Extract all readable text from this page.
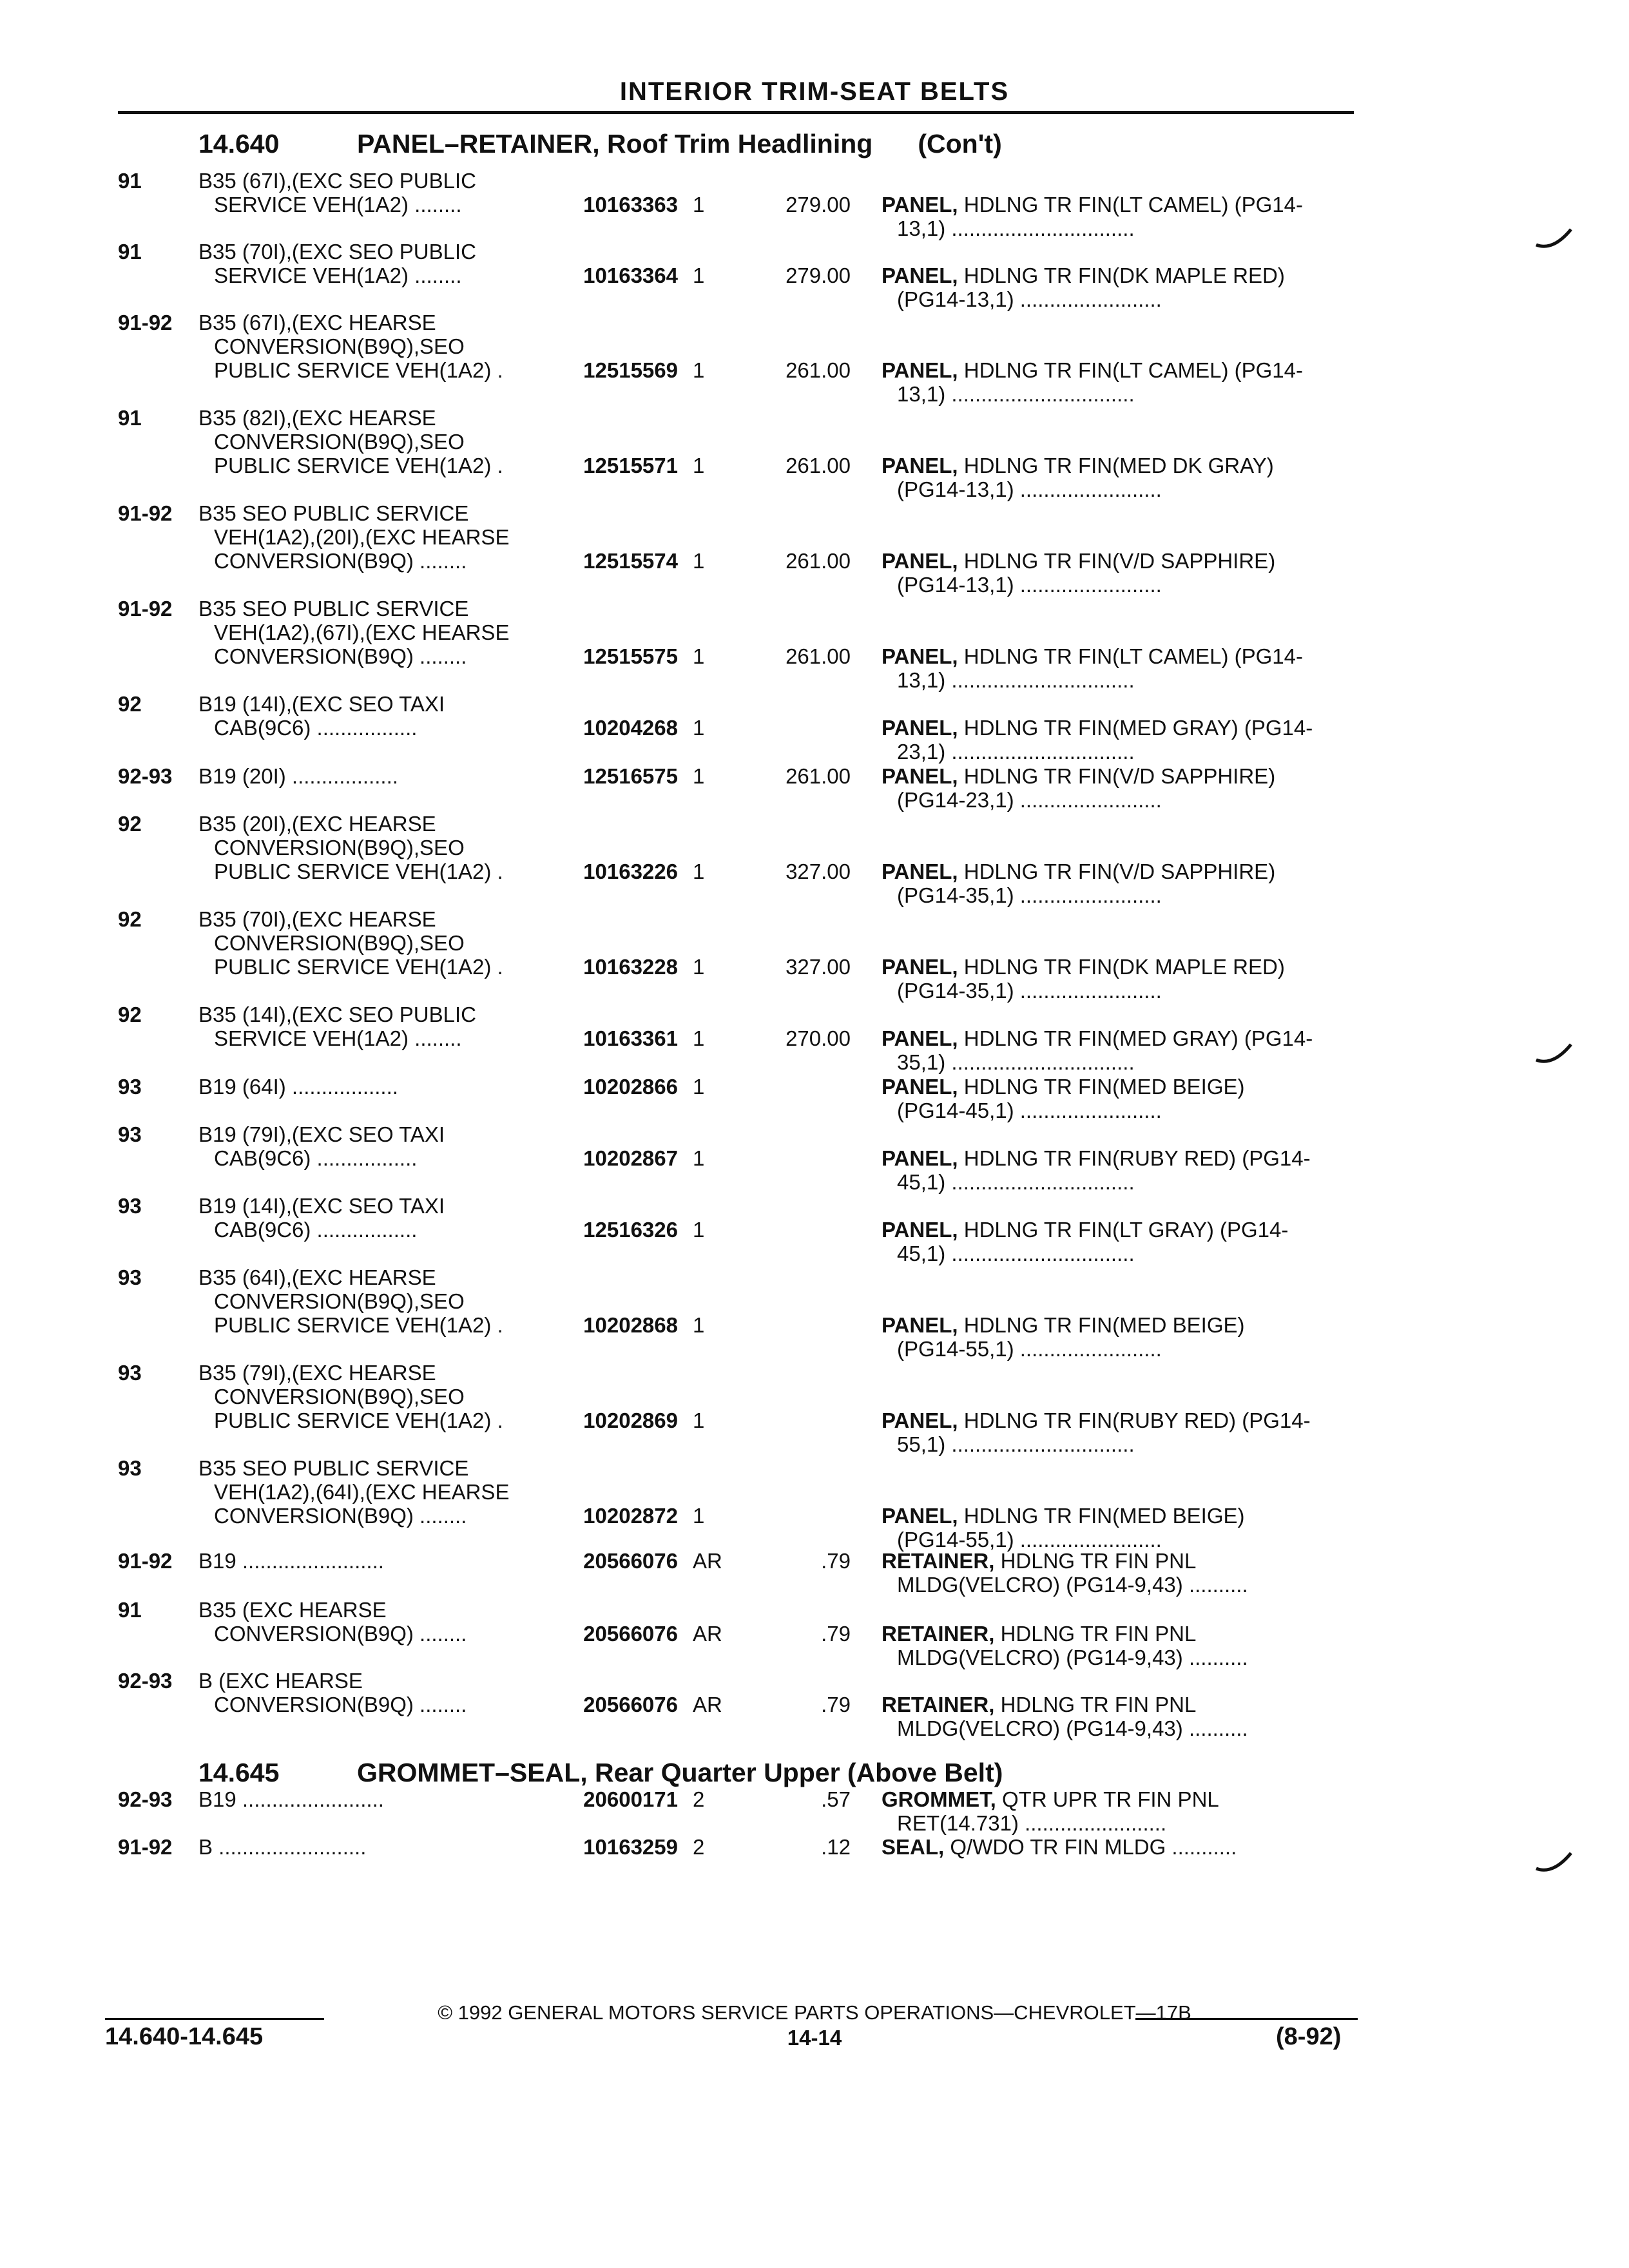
INTERIOR TRIM-SEAT BELTS
14.640	PANEL–RETAINER, Roof Trim Headlining (Con't)
91	B35 (67I),(EXC SEO PUBLIC
SERVICE VEH(1A2) ........	10163363 1	279.00 PANEL, HDLNG TR FIN(LT CAMEL) (PG14-
13,1) ...............................
91	B35 (70I),(EXC SEO PUBLIC
SERVICE VEH(1A2) ........	10163364 1	279.00 PANEL, HDLNG TR FIN(DK MAPLE RED)
(PG14-13,1) ........................
91-92 B35 (67I),(EXC HEARSE
CONVERSION(B9Q),SEO
PUBLIC SERVICE VEH(1A2) .	12515569 1	261.00 PANEL, HDLNG TR FIN(LT CAMEL) (PG14-
13,1) ...............................
91	B35 (82I),(EXC HEARSE
CONVERSION(B9Q),SEO
PUBLIC SERVICE VEH(1A2) .	12515571 1	261.00 PANEL, HDLNG TR FIN(MED DK GRAY)
(PG14-13,1) ........................
91-92 B35 SEO PUBLIC SERVICE
VEH(1A2),(20I),(EXC HEARSE
CONVERSION(B9Q) ........	12515574 1	261.00 PANEL, HDLNG TR FIN(V/D SAPPHIRE)
(PG14-13,1) ........................
91-92 B35 SEO PUBLIC SERVICE
VEH(1A2),(67I),(EXC HEARSE
CONVERSION(B9Q) ........	12515575 1	261.00 PANEL, HDLNG TR FIN(LT CAMEL) (PG14-
13,1) ...............................
92	B19 (14I),(EXC SEO TAXI
CAB(9C6) .................	10204268 1	PANEL, HDLNG TR FIN(MED GRAY) (PG14-
23,1) ...............................
92-93 B19 (20I) ..................	12516575 1	261.00 PANEL, HDLNG TR FIN(V/D SAPPHIRE)
(PG14-23,1) ........................
92	B35 (20I),(EXC HEARSE
CONVERSION(B9Q),SEO
PUBLIC SERVICE VEH(1A2) .	10163226 1	327.00 PANEL, HDLNG TR FIN(V/D SAPPHIRE)
(PG14-35,1) ........................
92	B35 (70I),(EXC HEARSE
CONVERSION(B9Q),SEO
PUBLIC SERVICE VEH(1A2) .	10163228 1	327.00 PANEL, HDLNG TR FIN(DK MAPLE RED)
(PG14-35,1) ........................
92	B35 (14I),(EXC SEO PUBLIC
SERVICE VEH(1A2) ........	10163361 1	270.00 PANEL, HDLNG TR FIN(MED GRAY) (PG14-
35,1) ...............................
93	B19 (64I) ..................	10202866 1	PANEL, HDLNG TR FIN(MED BEIGE)
(PG14-45,1) ........................
93	B19 (79I),(EXC SEO TAXI
CAB(9C6) .................	10202867 1	PANEL, HDLNG TR FIN(RUBY RED) (PG14-
45,1) ...............................
93	B19 (14I),(EXC SEO TAXI
CAB(9C6) .................	12516326 1	PANEL, HDLNG TR FIN(LT GRAY) (PG14-
45,1) ...............................
93	B35 (64I),(EXC HEARSE
CONVERSION(B9Q),SEO
PUBLIC SERVICE VEH(1A2) .	10202868 1	PANEL, HDLNG TR FIN(MED BEIGE)
(PG14-55,1) ........................
93	B35 (79I),(EXC HEARSE
CONVERSION(B9Q),SEO
PUBLIC SERVICE VEH(1A2) .	10202869 1	PANEL, HDLNG TR FIN(RUBY RED) (PG14-
55,1) ...............................
93	B35 SEO PUBLIC SERVICE
VEH(1A2),(64I),(EXC HEARSE
CONVERSION(B9Q) ........	10202872 1	PANEL, HDLNG TR FIN(MED BEIGE)
(PG14-55,1) ........................
91-92 B19 ........................	20566076 AR	.79 RETAINER, HDLNG TR FIN PNL
MLDG(VELCRO) (PG14-9,43) ..........
91	B35 (EXC HEARSE
CONVERSION(B9Q) ........	20566076 AR	.79 RETAINER, HDLNG TR FIN PNL
MLDG(VELCRO) (PG14-9,43) ..........
92-93 B (EXC HEARSE
CONVERSION(B9Q) ........	20566076 AR	.79 RETAINER, HDLNG TR FIN PNL
MLDG(VELCRO) (PG14-9,43) ..........
14.645	GROMMET–SEAL, Rear Quarter Upper (Above Belt)
92-93 B19 ........................	20600171 2	.57 GROMMET, QTR UPR TR FIN PNL
RET(14.731) ........................
91-92 B .........................	10163259 2	.12 SEAL, Q/WDO TR FIN MLDG ...........
© 1992 GENERAL MOTORS SERVICE PARTS OPERATIONS—CHEVROLET—17B
14.640-14.645	14-14	(8-92)
